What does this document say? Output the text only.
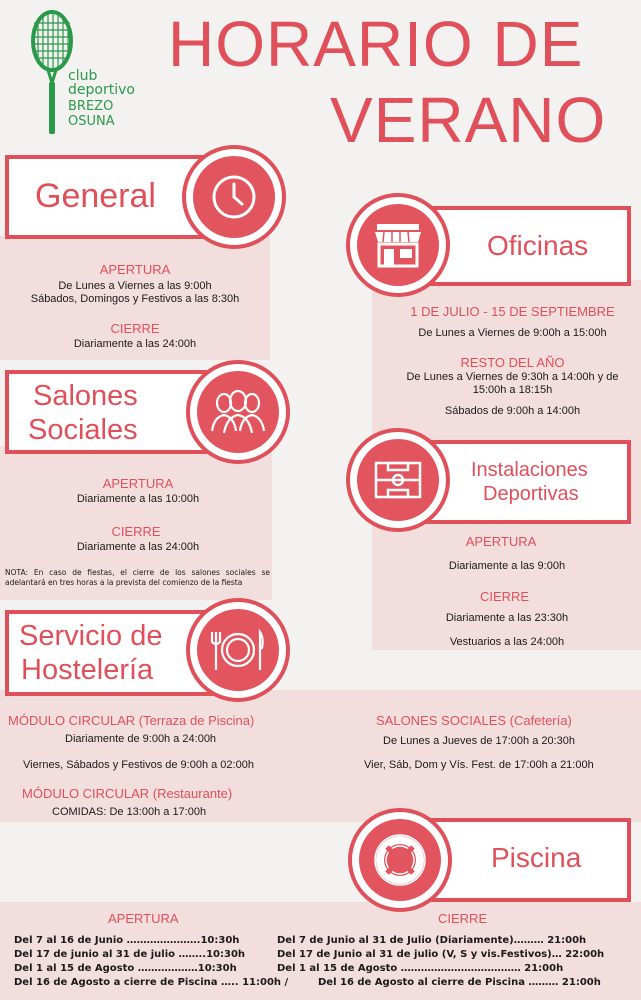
club
deportivo
BREZO
OSUNA
HORARIO DE
VERANO
General
APERTURA
De Lunes a Viernes a las 9:00h
Sábados, Domingos y Festivos a las 8:30h
CIERRE
Diariamente a las 24:00h
Oficinas
1 DE JULIO - 15 DE SEPTIEMBRE
De Lunes a Viernes de 9:00h a 15:00h
RESTO DEL AÑO
De Lunes a Viernes de 9:30h a 14:00h y de
15:00h a 18:15h
Sábados de 9:00h a 14:00h
Salones
Sociales
APERTURA
Diariamente a las 10:00h
CIERRE
Diariamente a las 24:00h
NOTA: En caso de fiestas, el cierre de los salones sociales se adelantará en tres horas a la prevista del comienzo de la fiesta
Instalaciones
Deportivas
APERTURA
Diariamente a las 9:00h
CIERRE
Diariamente a las 23:30h
Vestuarios a las 24:00h
Servicio de
Hostelería
MÓDULO CIRCULAR (Terraza de Piscina)
Diariamente de 9:00h a 24:00h
Viernes, Sábados y Festivos de 9:00h a 02:00h
MÓDULO CIRCULAR (Restaurante)
COMIDAS: De 13:00h a 17:00h
SALONES SOCIALES (Cafetería)
De Lunes a Jueves de 17:00h a 20:30h
Vier, Sáb, Dom y Vís. Fest. de 17:00h a 21:00h
Piscina
APERTURA	CIERRE
Del 7 al 16 de Junio ………………….10:30h	Del 7 de Junio al 31 de Julio (Diariamente)……… 21:00h
Del 17 de junio al 31 de julio ……..10:30h	Del 17 de Junio al 31 de julio (V, S y vis.Festivos)… 22:00h
Del 1 al 15 de Agosto ………………10:30h	Del 1 al 15 de Agosto ……………………………… 21:00h
Del 16 de Agosto a cierre de Piscina ….. 11:00h /	Del 16 de Agosto al cierre de Piscina ……… 21:00h
